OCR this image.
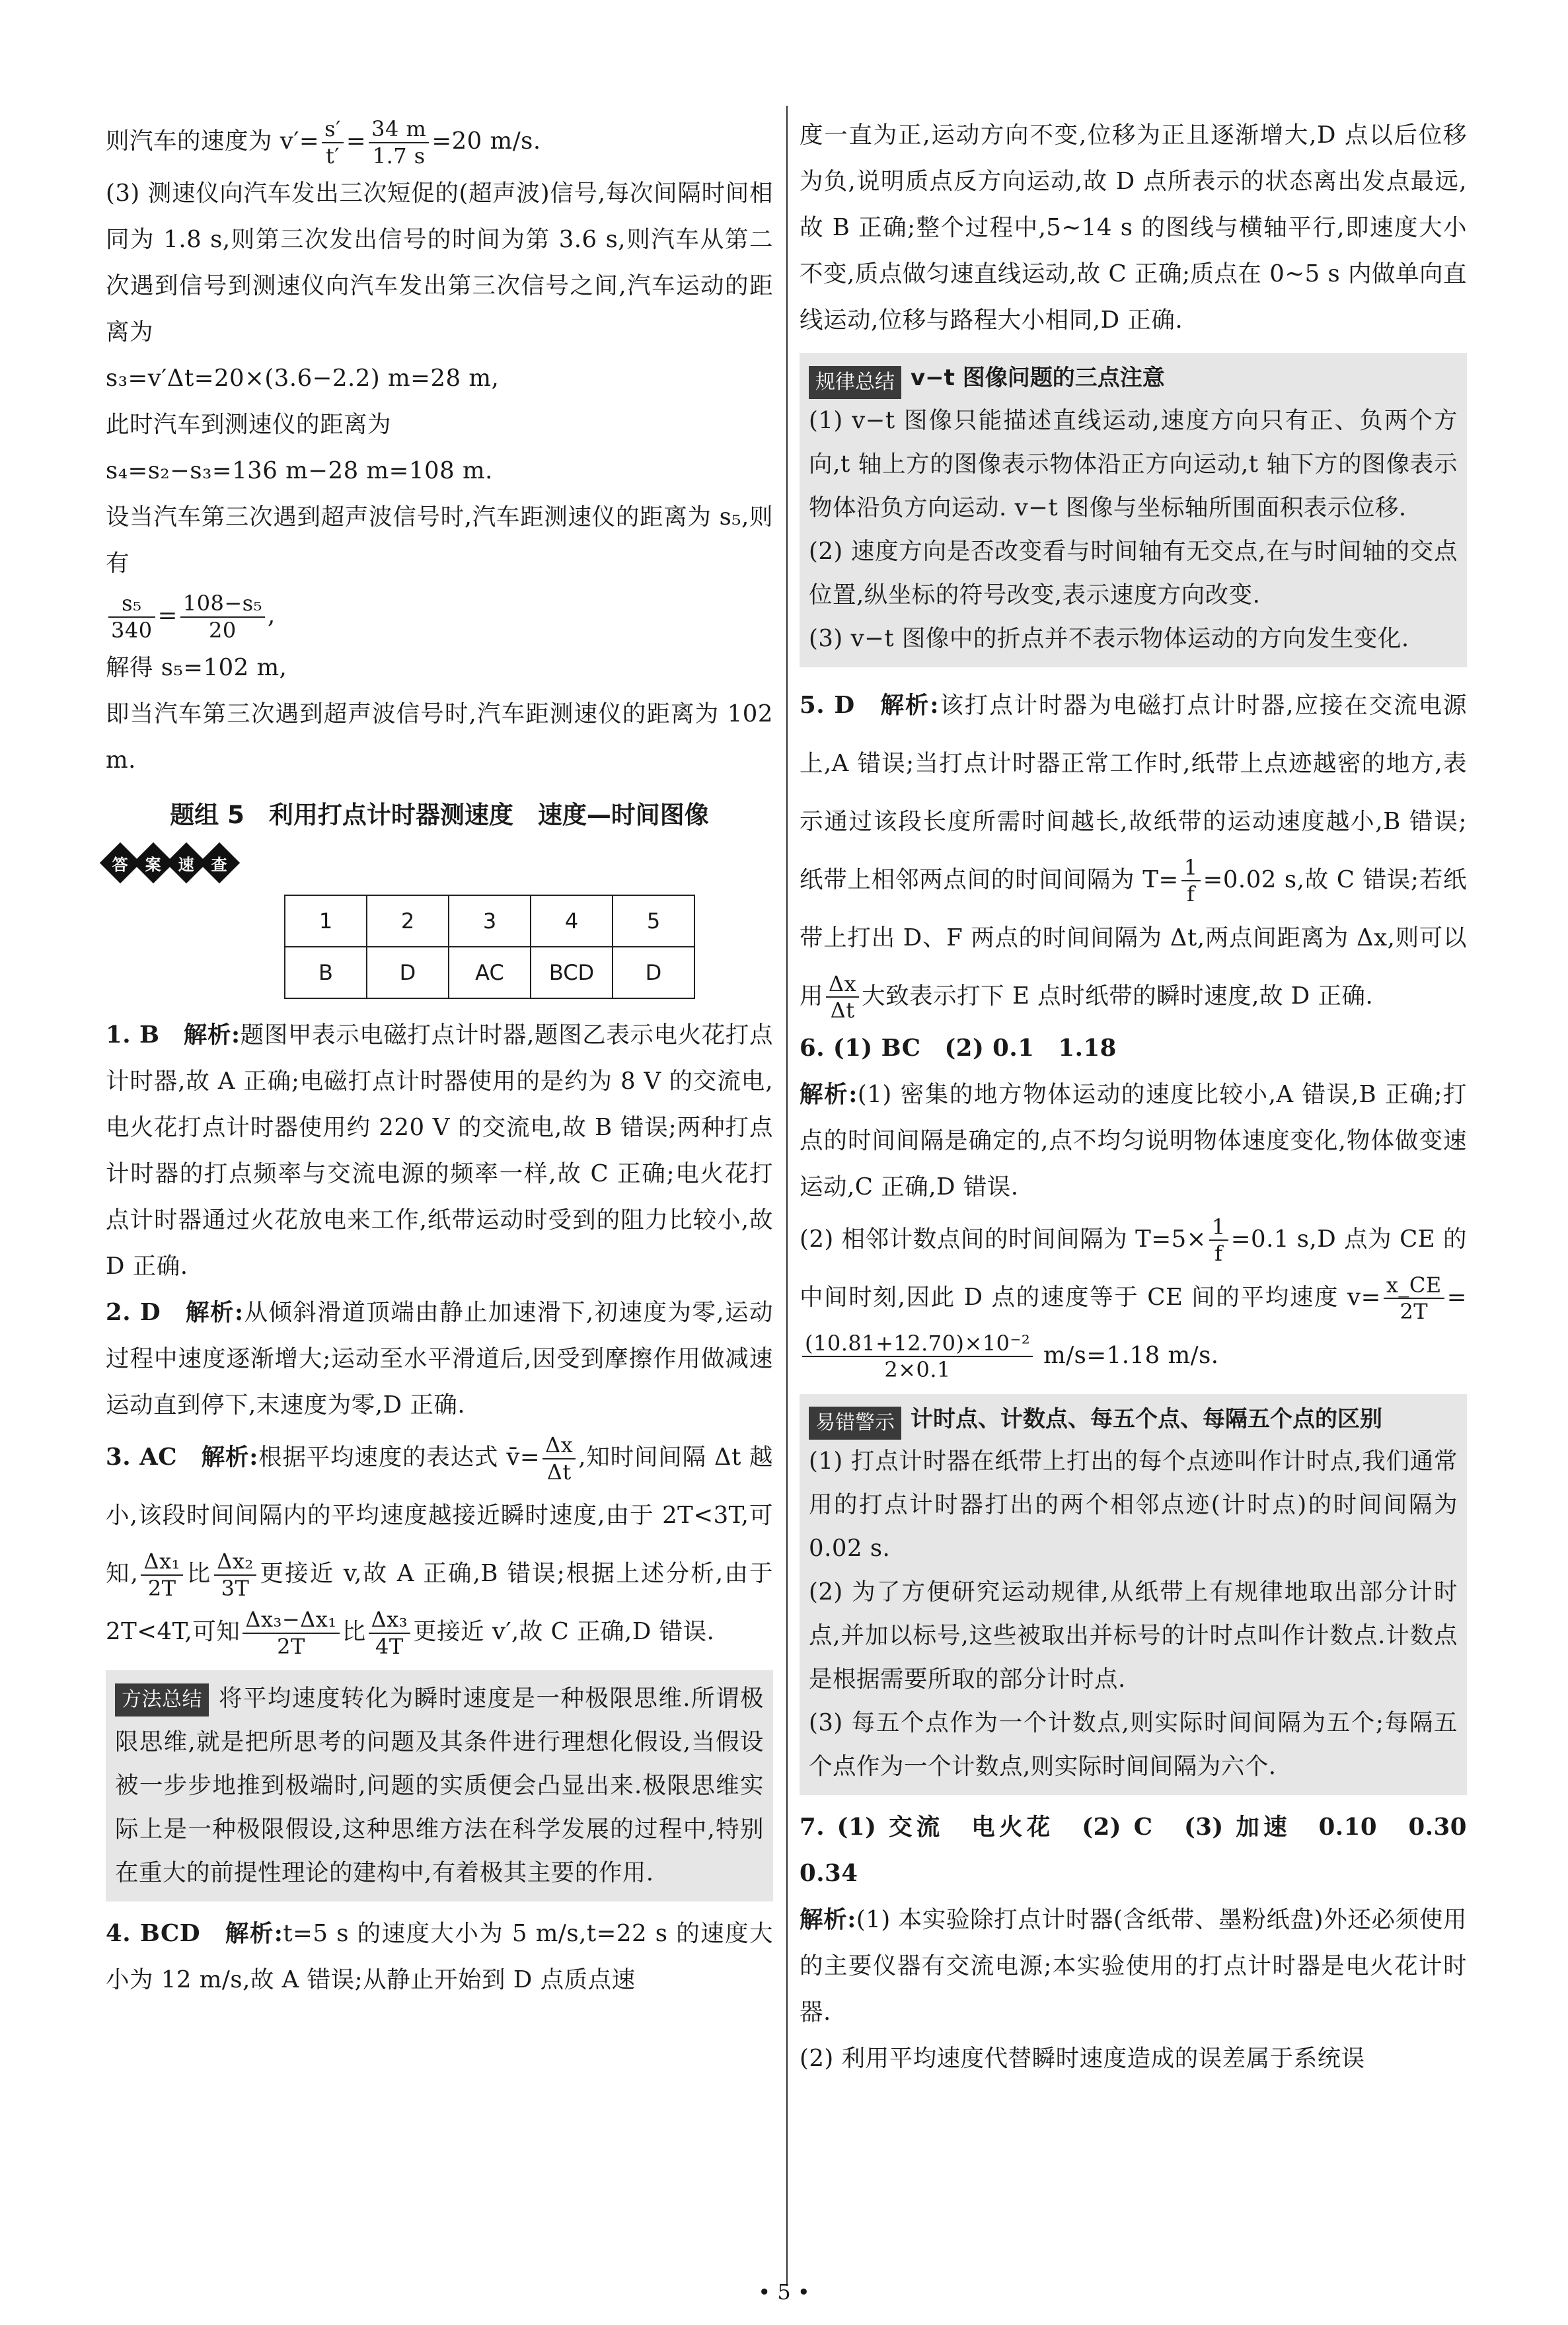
则汽车的速度为 $v'= \frac{s'}{t'} = \frac{34 m}{1.7 s} =20$ m/s.

(3) 测速仪向汽车发出三次短促的(超声波)信号,每次间隔时间相同为 1.8 s,则第三次发出信号的时间为第 3.6 s,则汽车从第二次遇到信号到测速仪向汽车发出第三次信号之间,汽车运动的距离为

s₃=v′Δt=20×(3.6−2.2) m=28 m,

此时汽车到测速仪的距离为

s₄=s₂−s₃=136 m−28 m=108 m.

设当汽车第三次遇到超声波信号时,汽车距测速仪的距离为 s₅,则有

$\frac{\text{s₅}}{340} = \frac{\text{108−s₅}}{20}$ ,

解得 s₅=102 m,

即当汽车第三次遇到超声波信号时,汽车距测速仪的距离为 102 m.

题组 5　利用打点计时器测速度　速度—时间图像
答 案 速 查
1	2	3	4	5
B	D	AC	BCD	D

1. B　解析:题图甲表示电磁打点计时器,题图乙表示电火花打点计时器,故 A 正确;电磁打点计时器使用的是约为 8 V 的交流电,电火花打点计时器使用约 220 V 的交流电,故 B 错误;两种打点计时器的打点频率与交流电源的频率一样,故 C 正确;电火花打点计时器通过火花放电来工作,纸带运动时受到的阻力比较小,故 D 正确.

2. D　解析:从倾斜滑道顶端由静止加速滑下,初速度为零,运动过程中速度逐渐增大;运动至水平滑道后,因受到摩擦作用做减速运动直到停下,末速度为零,D 正确.

3. AC　解析:根据平均速度的表达式 v̄= $\frac{\Delta x}{\Delta t}$ ,知时间间隔 Δt 越小,该段时间间隔内的平均速度越接近瞬时速度,由于 2T<3T,可知, $\frac{\text{Δx₁}}{2T}$ 比 $\frac{\text{Δx₂}}{3T}$ 更接近 v,故 A 正确,B 错误;根据上述分析,由于 2T<4T,可知 $\frac{\text{Δx₃−Δx₁}}{2T}$ 比 $\frac{\text{Δx₃}}{4T}$ 更接近 v′,故 C 正确,D 错误.

方法总结 将平均速度转化为瞬时速度是一种极限思维.所谓极限思维,就是把所思考的问题及其条件进行理想化假设,当假设被一步步地推到极端时,问题的实质便会凸显出来.极限思维实际上是一种极限假设,这种思维方法在科学发展的过程中,特别在重大的前提性理论的建构中,有着极其主要的作用.

4. BCD　解析:t=5 s 的速度大小为 5 m/s,t=22 s 的速度大小为 12 m/s,故 A 错误;从静止开始到 D 点质点速

度一直为正,运动方向不变,位移为正且逐渐增大,D 点以后位移为负,说明质点反方向运动,故 D 点所表示的状态离出发点最远,故 B 正确;整个过程中,5~14 s 的图线与横轴平行,即速度大小不变,质点做匀速直线运动,故 C 正确;质点在 0~5 s 内做单向直线运动,位移与路程大小相同,D 正确.

规律总结 v−t 图像问题的三点注意

(1) v−t 图像只能描述直线运动,速度方向只有正、负两个方向,t 轴上方的图像表示物体沿正方向运动,t 轴下方的图像表示物体沿负方向运动. v−t 图像与坐标轴所围面积表示位移.

(2) 速度方向是否改变看与时间轴有无交点,在与时间轴的交点位置,纵坐标的符号改变,表示速度方向改变.

(3) v−t 图像中的折点并不表示物体运动的方向发生变化.

5. D　解析:该打点计时器为电磁打点计时器,应接在交流电源上,A 错误;当打点计时器正常工作时,纸带上点迹越密的地方,表示通过该段长度所需时间越长,故纸带的运动速度越小,B 错误;纸带上相邻两点间的时间间隔为 $T= \frac{1}{f} =0.02$ s,故 C 错误;若纸带上打出 D、F 两点的时间间隔为 Δt,两点间距离为 Δx,则可以用 $\frac{\Delta x}{\Delta t}$ 大致表示打下 E 点时纸带的瞬时速度,故 D 正确.

6. (1) BC　(2) 0.1　1.18

解析:(1) 密集的地方物体运动的速度比较小,A 错误,B 正确;打点的时间间隔是确定的,点不均匀说明物体速度变化,物体做变速运动,C 正确,D 错误.

(2) 相邻计数点间的时间间隔为 $T=5\times \frac{1}{f} =0.1$ s,D 点为 CE 的中间时刻,因此 D 点的速度等于 CE 间的平均速度 $v= \frac{x\_CE}{2T}$ =
$\frac{\text{(10.81+12.70)×10⁻²}}{2\times 0.1} m/s=1.18$ m/s.

易错警示 计时点、计数点、每五个点、每隔五个点的区别

(1) 打点计时器在纸带上打出的每个点迹叫作计时点,我们通常用的打点计时器打出的两个相邻点迹(计时点)的时间间隔为 0.02 s.

(2) 为了方便研究运动规律,从纸带上有规律地取出部分计时点,并加以标号,这些被取出并标号的计时点叫作计数点.计数点是根据需要所取的部分计时点.

(3) 每五个点作为一个计数点,则实际时间间隔为五个;每隔五个点作为一个计数点,则实际时间间隔为六个.

7. (1) 交流　电火花　(2) C　(3) 加速　0.10　0.30　0.34

解析:(1) 本实验除打点计时器(含纸带、墨粉纸盘)外还必须使用的主要仪器有交流电源;本实验使用的打点计时器是电火花计时器.

(2) 利用平均速度代替瞬时速度造成的误差属于系统误

• 5 •
